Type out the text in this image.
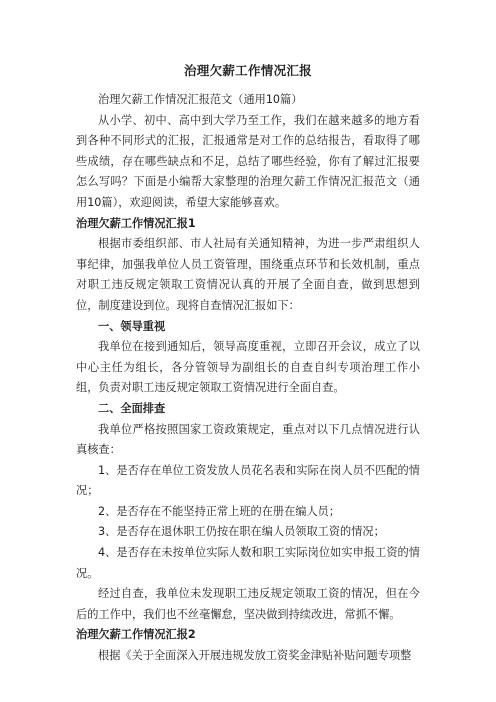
治理欠薪工作情况汇报

治理欠薪工作情况汇报范文（通用10篇）

从小学、初中、高中到大学乃至工作，我们在越来越多的地方看到各种不同形式的汇报，汇报通常是对工作的总结报告，看取得了哪些成绩，存在哪些缺点和不足，总结了哪些经验，你有了解过汇报要怎么写吗？下面是小编帮大家整理的治理欠薪工作情况汇报范文（通用10篇），欢迎阅读，希望大家能够喜欢。

治理欠薪工作情况汇报1

根据市委组织部、市人社局有关通知精神，为进一步严肃组织人事纪律，加强我单位人员工资管理，围绕重点环节和长效机制，重点对职工违反规定领取工资情况认真的开展了全面自查，做到思想到位，制度建设到位。现将自查情况汇报如下：

一、领导重视

我单位在接到通知后，领导高度重视，立即召开会议，成立了以中心主任为组长，各分管领导为副组长的自查自纠专项治理工作小组，负责对职工违反规定领取工资情况进行全面自查。

二、全面排查

我单位严格按照国家工资政策规定，重点对以下几点情况进行认真核查：

1、是否存在单位工资发放人员花名表和实际在岗人员不匹配的情况；

2、是否存在不能坚持正常上班的在册在编人员；

3、是否存在退休职工仍按在职在编人员领取工资的情况；

4、是否存在未按单位实际人数和职工实际岗位如实申报工资的情况。

经过自查，我单位未发现职工违反规定领取工资的情况，但在今后的工作中，我们也不丝毫懈怠，坚决做到持续改进，常抓不懈。

治理欠薪工作情况汇报2

根据《关于全面深入开展违规发放工资奖金津贴补贴问题专项整
